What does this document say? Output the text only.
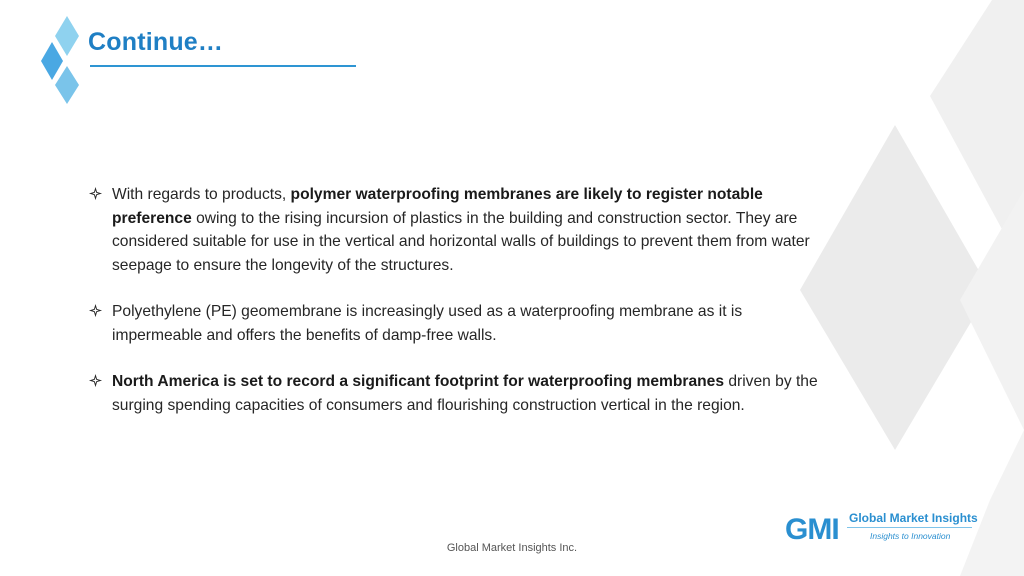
Continue…
With regards to products, polymer waterproofing membranes are likely to register notable preference owing to the rising incursion of plastics in the building and construction sector. They are considered suitable for use in the vertical and horizontal walls of buildings to prevent them from water seepage to ensure the longevity of the structures.
Polyethylene (PE) geomembrane is increasingly used as a waterproofing membrane as it is impermeable and offers the benefits of damp-free walls.
North America is set to record a significant footprint for waterproofing membranes driven by the surging spending capacities of consumers and flourishing construction vertical in the region.
GMI Global Market Insights
Insights to Innovation
Global Market Insights Inc.
